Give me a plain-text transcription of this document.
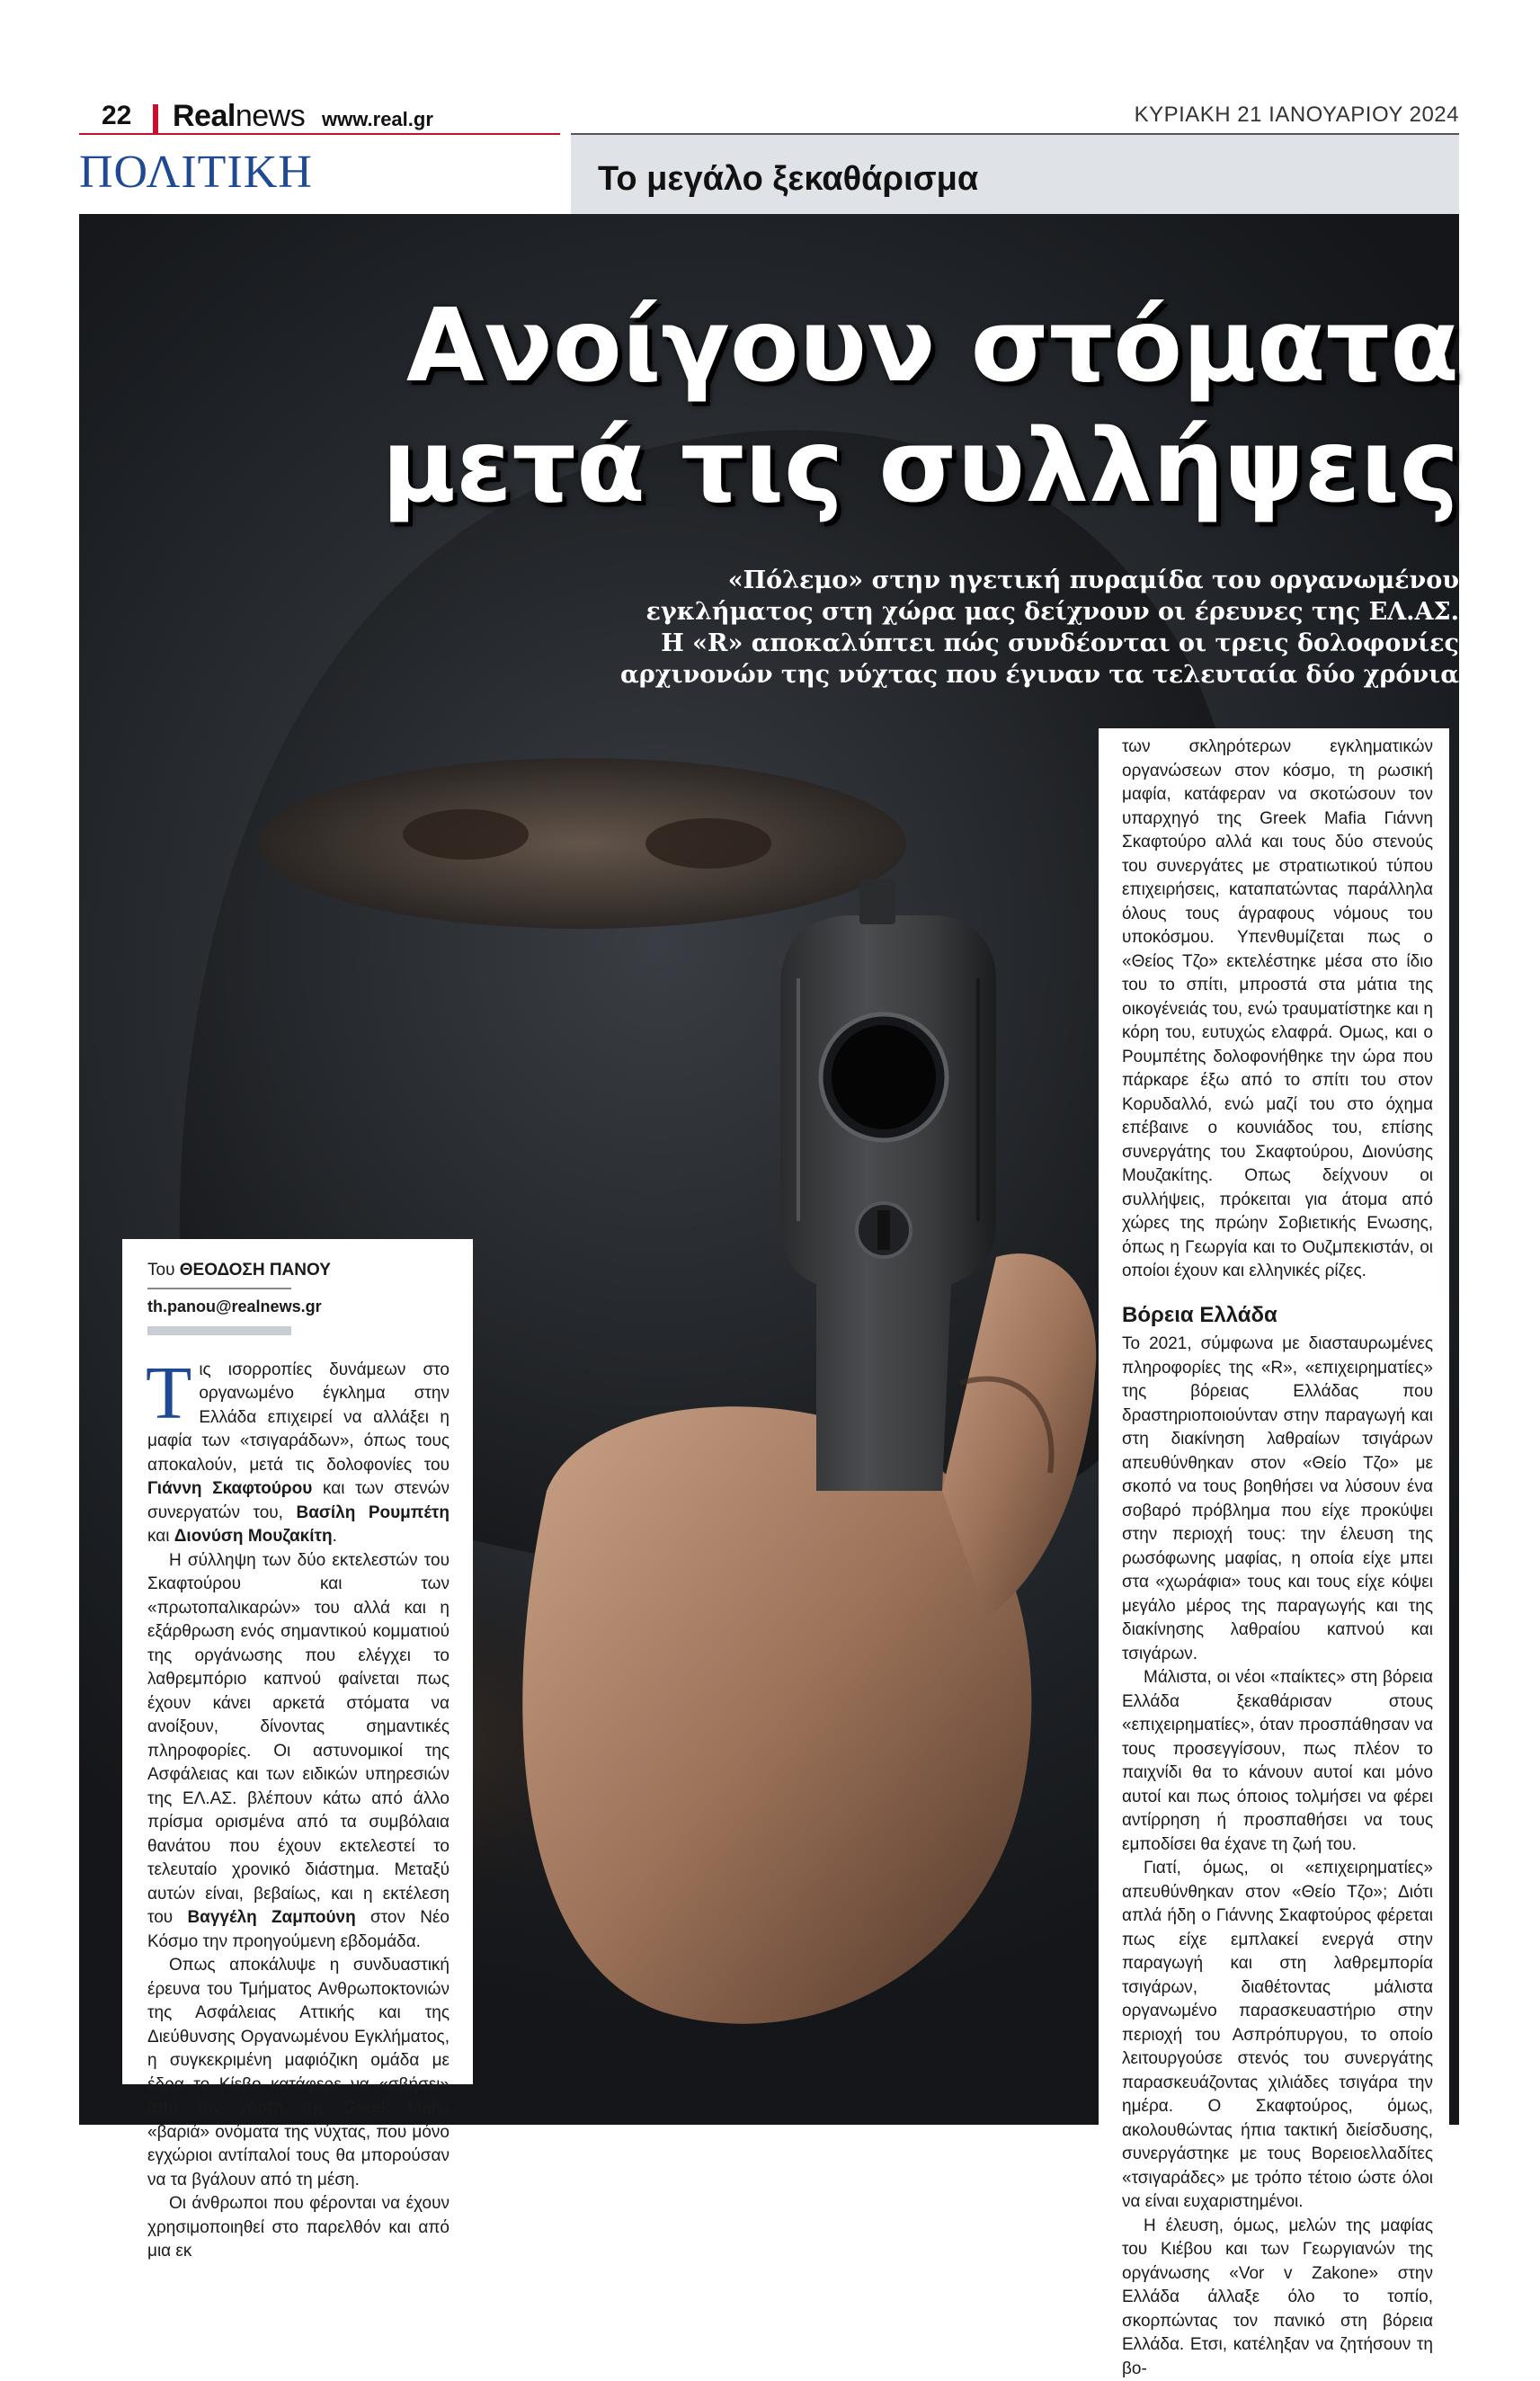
22 Realnews www.real.gr	ΚΥΡΙΑΚΗ 21 ΙΑΝΟΥΑΡΙΟΥ 2024
ΠΟΛΙΤΙΚΗ	Το μεγάλο ξεκαθάρισμα
Ανοίγουν στόματα
μετά τις συλλήψεις
«Πόλεμο» στην ηγετική πυραμίδα του οργανωμένου
εγκλήματος στη χώρα μας δείχνουν οι έρευνες της ΕΛ.ΑΣ.
Η «R» αποκαλύπτει πώς συνδέονται οι τρεις δολοφονίες
αρχινονών της νύχτας που έγιναν τα τελευταία δύο χρόνια
Του ΘΕΟΔΟΣΗ ΠΑΝΟΥ
th.panou@realnews.gr

Τις ισορροπίες δυνάμεων στο οργανωμένο έγκλημα στην Ελλάδα επιχειρεί να αλλάξει η μαφία των «τσιγαράδων», όπως τους αποκαλούν, μετά τις δολοφονίες του Γιάννη Σκαφτούρου και των στενών συνεργατών του, Βασίλη Ρουμπέτη και Διονύση Μουζακίτη.

Η σύλληψη των δύο εκτελεστών του Σκαφτούρου και των «πρωτοπαλικαρών» του αλλά και η εξάρθρωση ενός σημαντικού κομματιού της οργάνωσης που ελέγχει το λαθρεμπόριο καπνού φαίνεται πως έχουν κάνει αρκετά στόματα να ανοίξουν, δίνοντας σημαντικές πληροφορίες. Οι αστυνομικοί της Ασφάλειας και των ειδικών υπηρεσιών της ΕΛ.ΑΣ. βλέπουν κάτω από άλλο πρίσμα ορισμένα από τα συμβόλαια θανάτου που έχουν εκτελεστεί το τελευταίο χρονικό διάστημα. Μεταξύ αυτών είναι, βεβαίως, και η εκτέλεση του Βαγγέλη Ζαμπούνη στον Νέο Κόσμο την προηγούμενη εβδομάδα.

Οπως αποκάλυψε η συνδυαστική έρευνα του Τμήματος Ανθρωποκτονιών της Ασφάλειας Αττικής και της Διεύθυνσης Οργανωμένου Εγκλήματος, η συγκεκριμένη μαφιόζικη ομάδα με έδρα το Κίεβο κατάφερε να «σβήσει» από τον χάρτη της Greek Mafia «βαριά» ονόματα της νύχτας, που μόνο εγχώριοι αντίπαλοί τους θα μπορούσαν να τα βγάλουν από τη μέση.

Οι άνθρωποι που φέρονται να έχουν χρησιμοποιηθεί στο παρελθόν και από μια εκ

των σκληρότερων εγκληματικών οργανώσεων στον κόσμο, τη ρωσική μαφία, κατάφεραν να σκοτώσουν τον υπαρχηγό της Greek Mafia Γιάννη Σκαφτούρο αλλά και τους δύο στενούς του συνεργάτες με στρατιωτικού τύπου επιχειρήσεις, καταπατώντας παράλληλα όλους τους άγραφους νόμους του υποκόσμου. Υπενθυμίζεται πως ο «Θείος Τζο» εκτελέστηκε μέσα στο ίδιο του το σπίτι, μπροστά στα μάτια της οικογένειάς του, ενώ τραυματίστηκε και η κόρη του, ευτυχώς ελαφρά. Ομως, και ο Ρουμπέτης δολοφονήθηκε την ώρα που πάρκαρε έξω από το σπίτι του στον Κορυδαλλό, ενώ μαζί του στο όχημα επέβαινε ο κουνιάδος του, επίσης συνεργάτης του Σκαφτούρου, Διονύσης Μουζακίτης. Οπως δείχνουν οι συλλήψεις, πρόκειται για άτομα από χώρες της πρώην Σοβιετικής Ενωσης, όπως η Γεωργία και το Ουζμπεκιστάν, οι οποίοι έχουν και ελληνικές ρίζες.

Βόρεια Ελλάδα

Το 2021, σύμφωνα με διασταυρωμένες πληροφορίες της «R», «επιχειρηματίες» της βόρειας Ελλάδας που δραστηριοποιούνταν στην παραγωγή και στη διακίνηση λαθραίων τσιγάρων απευθύνθηκαν στον «Θείο Τζο» με σκοπό να τους βοηθήσει να λύσουν ένα σοβαρό πρόβλημα που είχε προκύψει στην περιοχή τους: την έλευση της ρωσόφωνης μαφίας, η οποία είχε μπει στα «χωράφια» τους και τους είχε κόψει μεγάλο μέρος της παραγωγής και της διακίνησης λαθραίου καπνού και τσιγάρων.

Μάλιστα, οι νέοι «παίκτες» στη βόρεια Ελλάδα ξεκαθάρισαν στους «επιχειρηματίες», όταν προσπάθησαν να τους προσεγγίσουν, πως πλέον το παιχνίδι θα το κάνουν αυτοί και μόνο αυτοί και πως όποιος τολμήσει να φέρει αντίρρηση ή προσπαθήσει να τους εμποδίσει θα έχανε τη ζωή του.

Γιατί, όμως, οι «επιχειρηματίες» απευθύνθηκαν στον «Θείο Τζο»; Διότι απλά ήδη ο Γιάννης Σκαφτούρος φέρεται πως είχε εμπλακεί ενεργά στην παραγωγή και στη λαθρεμπορία τσιγάρων, διαθέτοντας μάλιστα οργανωμένο παρασκευαστήριο στην περιοχή του Ασπρόπυργου, το οποίο λειτουργούσε στενός του συνεργάτης παρασκευάζοντας χιλιάδες τσιγάρα την ημέρα. Ο Σκαφτούρος, όμως, ακολουθώντας ήπια τακτική διείσδυσης, συνεργάστηκε με τους Βορειοελλαδίτες «τσιγαράδες» με τρόπο τέτοιο ώστε όλοι να είναι ευχαριστημένοι.

Η έλευση, όμως, μελών της μαφίας του Κιέβου και των Γεωργιανών της οργάνωσης «Vor v Zakone» στην Ελλάδα άλλαξε όλο το τοπίο, σκορπώντας τον πανικό στη βόρεια Ελλάδα. Ετσι, κατέληξαν να ζητήσουν τη βο-
